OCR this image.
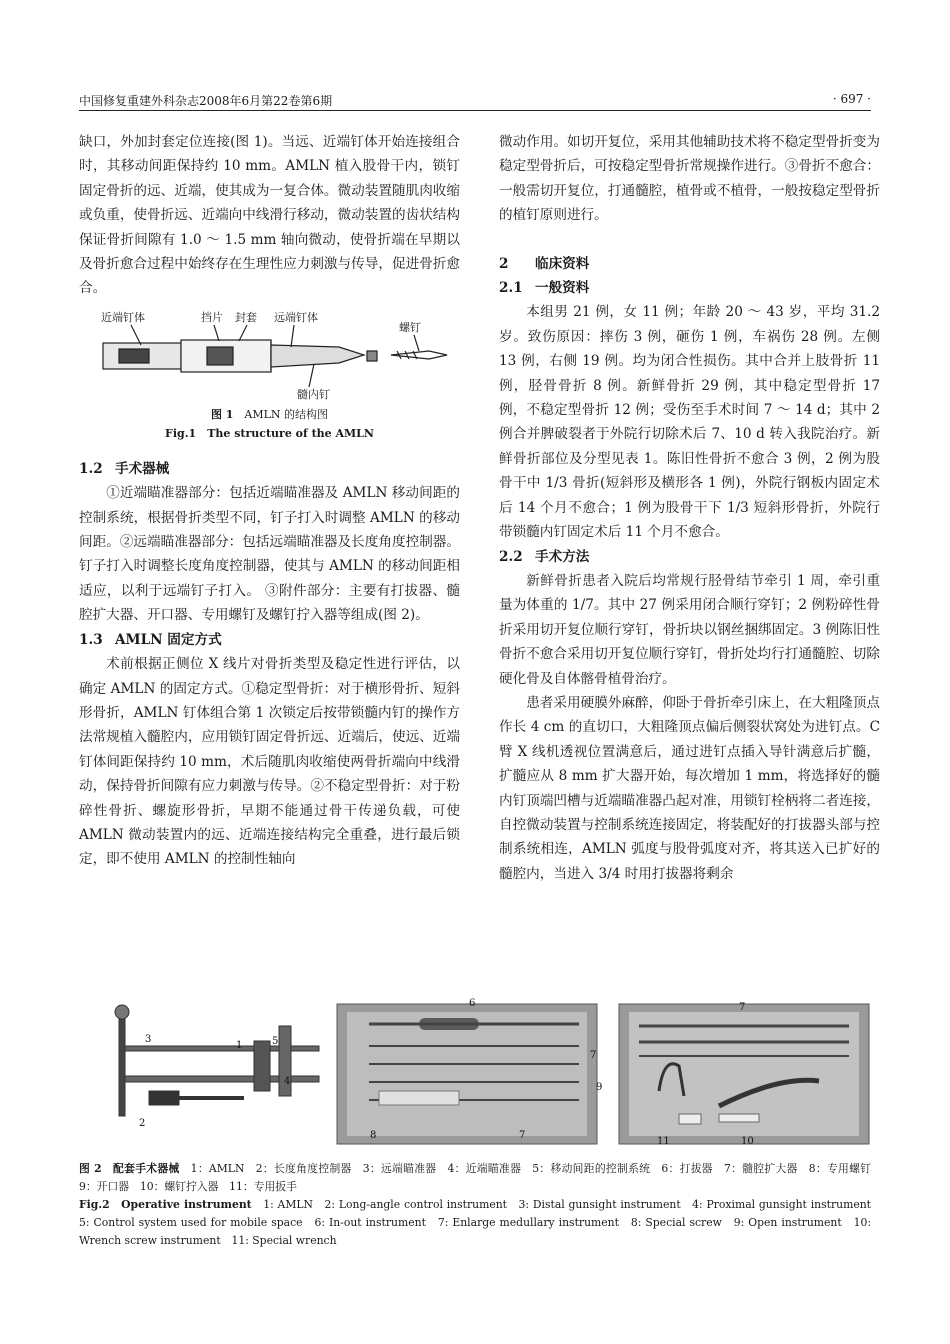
中国修复重建外科杂志2008年6月第22卷第6期	· 697 ·

缺口，外加封套定位连接(图 1)。当远、近端钉体开始连接组合时，其移动间距保持约 10 mm。AMLN 植入股骨干内，锁钉固定骨折的远、近端，使其成为一复合体。微动装置随肌肉收缩或负重，使骨折远、近端向中线滑行移动，微动装置的齿状结构保证骨折间隙有 1.0 ～ 1.5 mm 轴向微动，使骨折端在早期以及骨折愈合过程中始终存在生理性应力刺激与传导，促进骨折愈合。

近端钉体	挡片 封套 远端钉体
螺钉
髓内钉
图 1　 AMLN 的结构图
Fig.1　 The structure of the AMLN

1.2 手术器械

①近端瞄准器部分：包括近端瞄准器及 AMLN 移动间距的控制系统，根据骨折类型不同，钉子打入时调整 AMLN 的移动间距。②远端瞄准器部分：包括远端瞄准器及长度角度控制器。钉子打入时调整长度角度控制器，使其与 AMLN 的移动间距相适应，以利于远端钉子打入。 ③附件部分：主要有打拔器、髓腔扩大器、开口器、专用螺钉及螺钉拧入器等组成(图 2)。

1.3 AMLN 固定方式

术前根据正侧位 X 线片对骨折类型及稳定性进行评估，以确定 AMLN 的固定方式。①稳定型骨折：对于横形骨折、短斜形骨折，AMLN 钉体组合第 1 次锁定后按带锁髓内钉的操作方法常规植入髓腔内，应用锁钉固定骨折远、近端后，使远、近端钉体间距保持约 10 mm，术后随肌肉收缩使两骨折端向中线滑动，保持骨折间隙有应力刺激与传导。②不稳定型骨折：对于粉碎性骨折、螺旋形骨折，早期不能通过骨干传递负载，可使 AMLN 微动装置内的远、近端连接结构完全重叠，进行最后锁定，即不使用 AMLN 的控制性轴向

微动作用。如切开复位，采用其他辅助技术将不稳定型骨折变为稳定型骨折后，可按稳定型骨折常规操作进行。③骨折不愈合：一般需切开复位，打通髓腔，植骨或不植骨，一般按稳定型骨折的植钉原则进行。

2 临床资料

2.1 一般资料

本组男 21 例，女 11 例；年龄 20 ～ 43 岁，平均 31.2 岁。致伤原因：摔伤 3 例，砸伤 1 例，车祸伤 28 例。左侧 13 例，右侧 19 例。均为闭合性损伤。其中合并上肢骨折 11 例，胫骨骨折 8 例。新鲜骨折 29 例，其中稳定型骨折 17 例，不稳定型骨折 12 例；受伤至手术时间 7 ～ 14 d；其中 2 例合并脾破裂者于外院行切除术后 7、10 d 转入我院治疗。新鲜骨折部位及分型见表 1。陈旧性骨折不愈合 3 例，2 例为股骨干中 1/3 骨折(短斜形及横形各 1 例)，外院行钢板内固定术后 14 个月不愈合；1 例为股骨干下 1/3 短斜形骨折，外院行带锁髓内钉固定术后 11 个月不愈合。

2.2 手术方法

新鲜骨折患者入院后均常规行胫骨结节牵引 1 周，牵引重量为体重的 1/7。其中 27 例采用闭合顺行穿钉；2 例粉碎性骨折采用切开复位顺行穿钉，骨折块以钢丝捆绑固定。3 例陈旧性骨折不愈合采用切开复位顺行穿钉，骨折处均行打通髓腔、切除硬化骨及自体髂骨植骨治疗。

患者采用硬膜外麻醉，仰卧于骨折牵引床上，在大粗隆顶点作长 4 cm 的直切口，大粗隆顶点偏后侧裂状窝处为进钉点。C 臂 X 线机透视位置满意后，通过进钉点插入导针满意后扩髓，扩髓应从 8 mm 扩大器开始，每次增加 1 mm，将选择好的髓内钉顶端凹槽与近端瞄准器凸起对准，用锁钉栓柄将二者连接，自控微动装置与控制系统连接固定，将装配好的打拔器头部与控制系统相连，AMLN 弧度与股骨弧度对齐，将其送入已扩好的髓腔内，当进入 3/4 时用打拔器将剩余

1
2
3
4
5
6
7
8	7
7
9
10
11
图 2　 配套手术器械　 1：AMLN　2：长度角度控制器　3：远端瞄准器　4：近端瞄准器　5：移动间距的控制系统　6：打拔器　7：髓腔扩大器　8：专用螺钉　9：开口器　10：螺钉拧入器　11：专用扳手
Fig.2　 Operative instrument　 1: AMLN　2: Long-angle control instrument　3: Distal gunsight instrument　4: Proximal gunsight instrument　5: Control system used for mobile space　6: In-out instrument　7: Enlarge medullary instrument　8: Special screw　9: Open instrument　10: Wrench screw instrument　11: Special wrench
